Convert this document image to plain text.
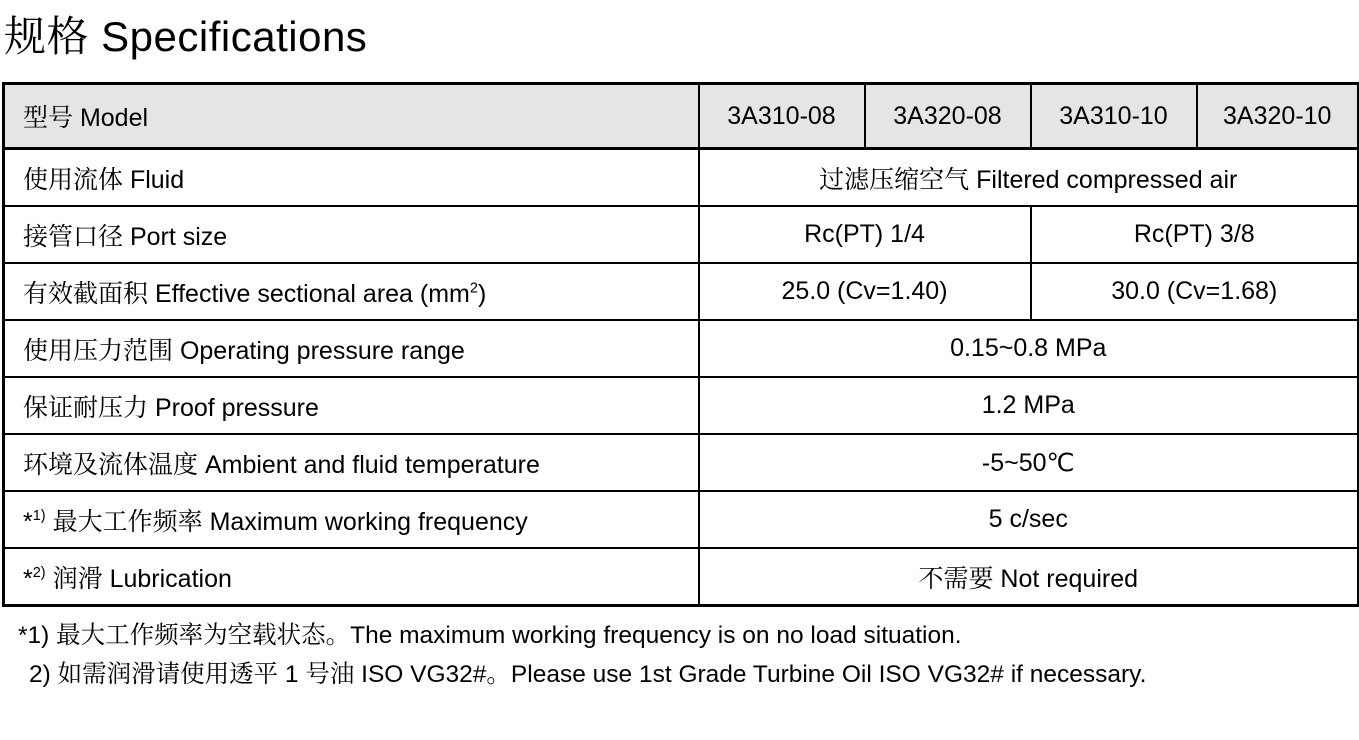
规格 Specifications
型号 Model	3A310-08	3A320-08	3A310-10	3A320-10
使用流体 Fluid	过滤压缩空气 Filtered compressed air			
接管口径 Port size	Rc(PT) 1/4		Rc(PT) 3/8	
有效截面积 Effective sectional area $(mm^2)$	25.0 (Cv=1.40)		30.0 (Cv=1.68)	
使用压力范围 Operating pressure range	0.15~0.8 MPa			
保证耐压力 Proof pressure	1.2 MPa			
环境及流体温度 Ambient and fluid temperature	-5~50℃			
*$^{1)}$ 最大工作频率 Maximum working frequency	5 c/sec			
*$^{2)}$ 润滑 Lubrication	不需要 Not required			
*1) 最大工作频率为空载状态。The maximum working frequency is on no load situation.
2) 如需润滑请使用透平 1 号油 ISO VG32#。Please use 1st Grade Turbine Oil ISO VG32# if necessary.
